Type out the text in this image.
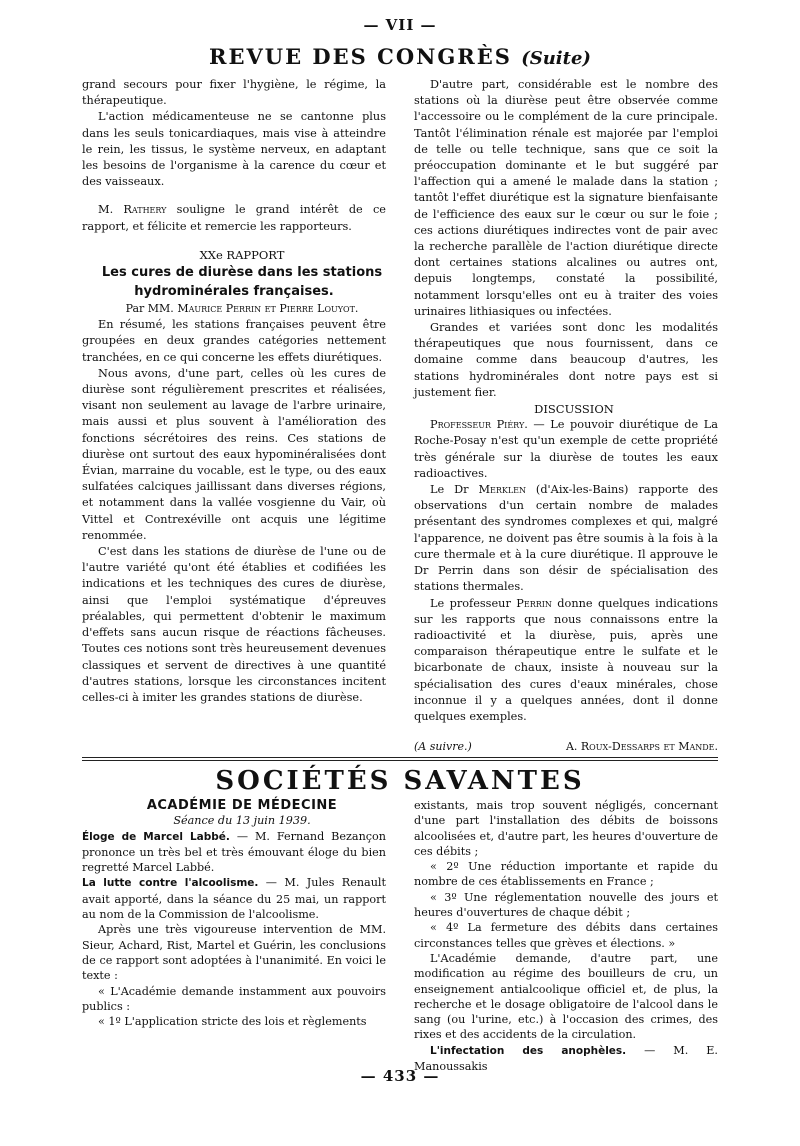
— VII —
REVUE DES CONGRÈS (Suite)

grand secours pour fixer l'hygiène, le régime, la thérapeutique.

L'action médicamenteuse ne se cantonne plus dans les seuls tonicardiaques, mais vise à atteindre le rein, les tissus, le système nerveux, en adaptant les besoins de l'organisme à la carence du cœur et des vaisseaux.

M. Rathery souligne le grand intérêt de ce rapport, et félicite et remercie les rapporteurs.

XXe RAPPORT

Les cures de diurèse dans les stations hydrominérales françaises.

Par MM. Maurice Perrin et Pierre Louyot.

En résumé, les stations françaises peuvent être groupées en deux grandes catégories nettement tranchées, en ce qui concerne les effets diurétiques.

Nous avons, d'une part, celles où les cures de diurèse sont régulièrement prescrites et réalisées, visant non seulement au lavage de l'arbre urinaire, mais aussi et plus souvent à l'amélioration des fonctions sécrétoires des reins. Ces stations de diurèse ont surtout des eaux hypominéralisées dont Évian, marraine du vocable, est le type, ou des eaux sulfatées calciques jaillissant dans diverses régions, et notamment dans la vallée vosgienne du Vair, où Vittel et Contrexéville ont acquis une légitime renommée.

C'est dans les stations de diurèse de l'une ou de l'autre variété qu'ont été établies et codifiées les indications et les techniques des cures de diurèse, ainsi que l'emploi systématique d'épreuves préalables, qui permettent d'obtenir le maximum d'effets sans aucun risque de réactions fâcheuses. Toutes ces notions sont très heureusement devenues classiques et servent de directives à une quantité d'autres stations, lorsque les circonstances incitent celles-ci à imiter les grandes stations de diurèse.

D'autre part, considérable est le nombre des stations où la diurèse peut être observée comme l'accessoire ou le complément de la cure principale. Tantôt l'élimination rénale est majorée par l'emploi de telle ou telle technique, sans que ce soit la préoccupation dominante et le but suggéré par l'affection qui a amené le malade dans la station ; tantôt l'effet diurétique est la signature bienfaisante de l'efficience des eaux sur le cœur ou sur le foie ; ces actions diurétiques indirectes vont de pair avec la recherche parallèle de l'action diurétique directe dont certaines stations alcalines ou autres ont, depuis longtemps, constaté la possibilité, notamment lorsqu'elles ont eu à traiter des voies urinaires lithiasiques ou infectées.

Grandes et variées sont donc les modalités thérapeutiques que nous fournissent, dans ce domaine comme dans beaucoup d'autres, les stations hydrominérales dont notre pays est si justement fier.

DISCUSSION

Professeur Piéry. — Le pouvoir diurétique de La Roche-Posay n'est qu'un exemple de cette propriété très générale sur la diurèse de toutes les eaux radioactives.

Le Dr Merklen (d'Aix-les-Bains) rapporte des observations d'un certain nombre de malades présentant des syndromes complexes et qui, malgré l'apparence, ne doivent pas être soumis à la fois à la cure thermale et à la cure diurétique. Il approuve le Dr Perrin dans son désir de spécialisation des stations thermales.

Le professeur Perrin donne quelques indications sur les rapports que nous connaissons entre la radioactivité et la diurèse, puis, après une comparaison thérapeutique entre le sulfate et le bicarbonate de chaux, insiste à nouveau sur la spécialisation des cures d'eaux minérales, chose inconnue il y a quelques années, dont il donne quelques exemples.

(A suivre.)	A. Roux-Dessarps et Mande.
SOCIÉTÉS SAVANTES

ACADÉMIE DE MÉDECINE

Séance du 13 juin 1939.

Éloge de Marcel Labbé. — M. Fernand Bezançon prononce un très bel et très émouvant éloge du bien regretté Marcel Labbé.

La lutte contre l'alcoolisme. — M. Jules Renault avait apporté, dans la séance du 25 mai, un rapport au nom de la Commission de l'alcoolisme.

Après une très vigoureuse intervention de MM. Sieur, Achard, Rist, Martel et Guérin, les conclusions de ce rapport sont adoptées à l'unanimité. En voici le texte :

« L'Académie demande instamment aux pouvoirs publics :

« 1º L'application stricte des lois et règlements

existants, mais trop souvent négligés, concernant d'une part l'installation des débits de boissons alcoolisées et, d'autre part, les heures d'ouverture de ces débits ;

« 2º Une réduction importante et rapide du nombre de ces établissements en France ;

« 3º Une réglementation nouvelle des jours et heures d'ouvertures de chaque débit ;

« 4º La fermeture des débits dans certaines circonstances telles que grèves et élections. »

L'Académie demande, d'autre part, une modification au régime des bouilleurs de cru, un enseignement antialcoolique officiel et, de plus, la recherche et le dosage obligatoire de l'alcool dans le sang (ou l'urine, etc.) à l'occasion des crimes, des rixes et des accidents de la circulation.

L'infectation des anophèles. — M. E. Manoussakis

— 433 —
